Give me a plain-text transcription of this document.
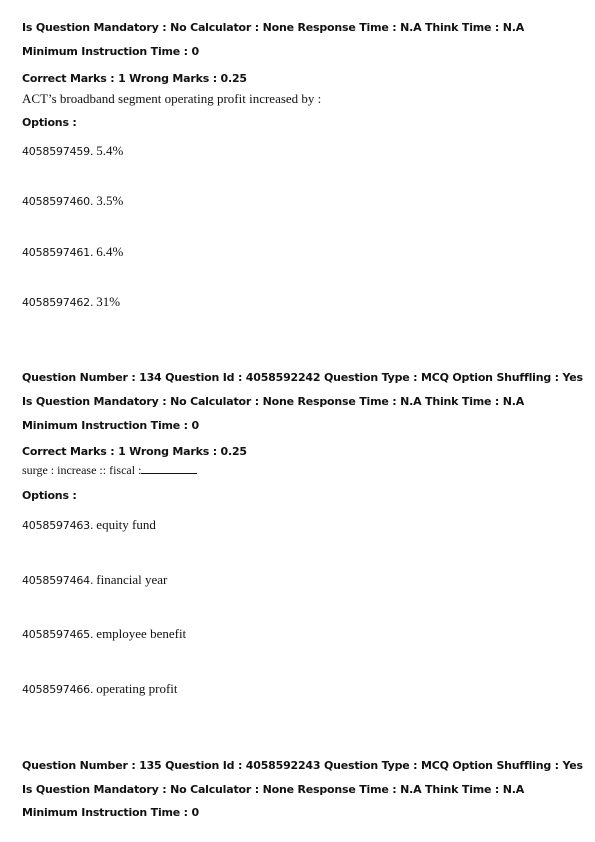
Is Question Mandatory : No Calculator : None Response Time : N.A Think Time : N.A
Minimum Instruction Time : 0
Correct Marks : 1 Wrong Marks : 0.25
ACT’s broadband segment operating profit increased by :
Options :
4058597459. 5.4%
4058597460. 3.5%
4058597461. 6.4%
4058597462. 31%
Question Number : 134 Question Id : 4058592242 Question Type : MCQ Option Shuffling : Yes
Is Question Mandatory : No Calculator : None Response Time : N.A Think Time : N.A
Minimum Instruction Time : 0
Correct Marks : 1 Wrong Marks : 0.25
surge : increase :: fiscal :
Options :
4058597463. equity fund
4058597464. financial year
4058597465. employee benefit
4058597466. operating profit
Question Number : 135 Question Id : 4058592243 Question Type : MCQ Option Shuffling : Yes
Is Question Mandatory : No Calculator : None Response Time : N.A Think Time : N.A
Minimum Instruction Time : 0
